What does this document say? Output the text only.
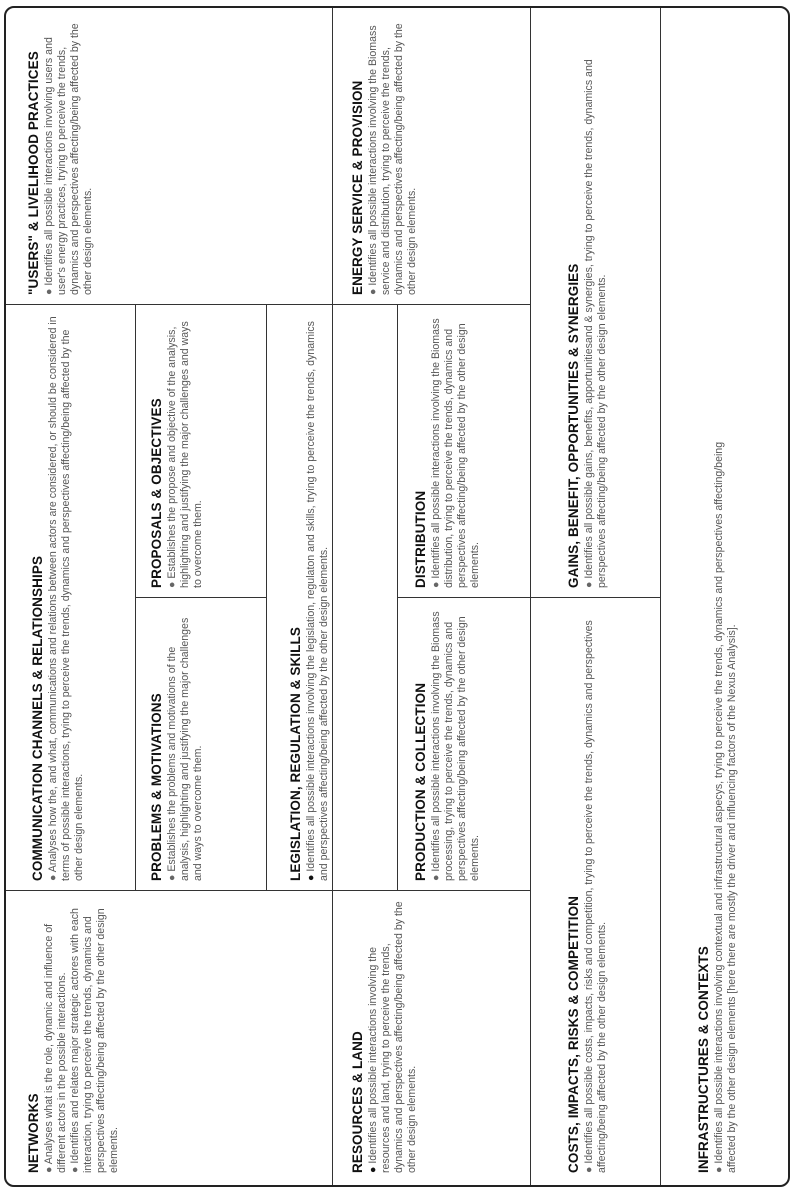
NETWORKS ● Analyses what is the role, dynamic and influence of different actors in the possible interactions. ● Identifies and relates major strategic actores with each interaction, trying to perceive the trends, dynamics and perspectives affecting/being affected by the other design elements.

COMMUNICATION CHANNELS & RELATIONSHIPS ● Analyses how the, and what, communications and relations between actors are considered, or should be considered in terms of possible interactions, trying to perceive the trends, dynamics and perspectives affecting/being affected by the other design elements.	PROBLEMS & MOTIVATIONS ● Establishes the problems and motivations of the analysis, highlighting and justifying the major challenges and ways to overcome them.

PROPOSALS & OBJECTIVES ● Establishes the propose and objective of the analysis, highlighting and justifying the major challenges and ways to overcome them.

"USERS" & LIVELIHOOD PRACTICES ● Identifies all possible interactions involving users and user's energy practices, trying to perceive the trends, dynamics and perspectives affecting/being affected by the other design elements.

RESOURCES & LAND ● Identifies all possible interactions involving the resources and land, trying to perceive the trends, dynamics and perspectives affecting/being affected by the other design elements.

LEGISLATION, REGULATION & SKILLS ● Identifies all possible interactions involving the legislation, regulaton and skills, trying to perceive the trends, dynamics and perspectives affecting/being affected by the other design elements.

ENERGY SERVICE & PROVISION ● Identifies all possible interactions involving the Biomass service and distribution, trying to perceive the trends, dynamics and perspectives affecting/being affected by the other design elements.

PRODUCTION & COLLECTION ● Identifies all possible interactions involving the Biomass processing, trying to perceive the trends, dynamics and perspectives affecting/being affected by the other design elements.

DISTRIBUTION ● Identifies all possible interactions involving the Biomass distribution, trying to perceive the trends, dynamics and perspectives affecting/being affected by the other design elements.

COSTS, IMPACTS, RISKS & COMPETITION ● Identifies all possible costs, impacts, risks and competition, trying to perceive the trends, dynamics and perspectives affecting/being affected by the other design elements.

GAINS, BENEFIT, OPPORTUNITIES & SYNERGIES ● Identifies all possible gains, benefits, apportunitiesand & synergies, trying to perceive the trends, dynamics and perspectives affecting/being affected by the other design elements.

INFRASTRUCTURES & CONTEXTS ● Identifies all possible interactions involving contextual and infrastructural aspecys, trying to perceive the trends, dynamics and perspectives affecting/being affected by the other design elements [here there are mostly the driver and influencing factors of the Nexus Analysis].
